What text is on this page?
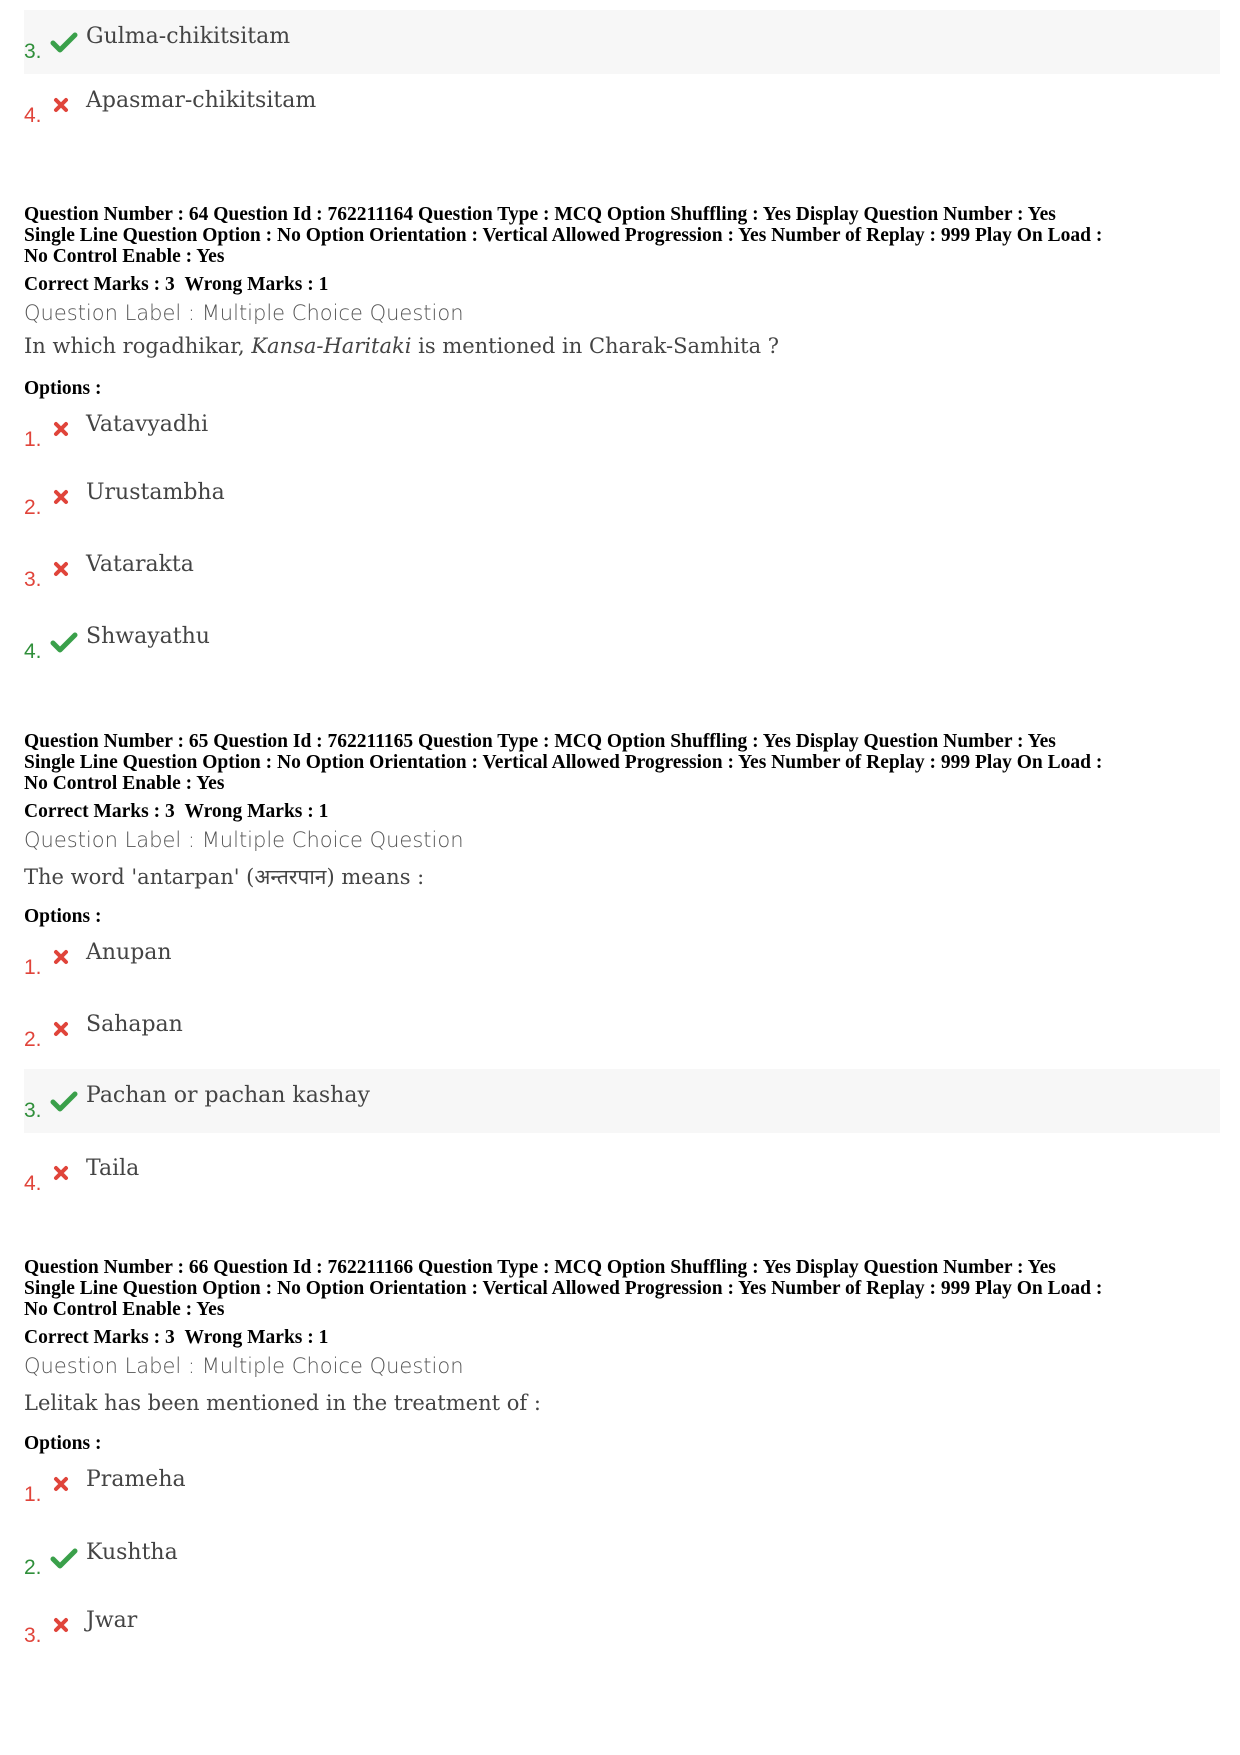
3.
Gulma-chikitsitam
4.
Apasmar-chikitsitam
Question Number : 64 Question Id : 762211164 Question Type : MCQ Option Shuffling : Yes Display Question Number : Yes
Single Line Question Option : No Option Orientation : Vertical Allowed Progression : Yes Number of Replay : 999 Play On Load :
No Control Enable : Yes
Correct Marks : 3 Wrong Marks : 1
Question Label : Multiple Choice Question
In which rogadhikar, Kansa-Haritaki is mentioned in Charak-Samhita ?
Options :
1.
Vatavyadhi
2.
Urustambha
3.
Vatarakta
4.
Shwayathu
Question Number : 65 Question Id : 762211165 Question Type : MCQ Option Shuffling : Yes Display Question Number : Yes
Single Line Question Option : No Option Orientation : Vertical Allowed Progression : Yes Number of Replay : 999 Play On Load :
No Control Enable : Yes
Correct Marks : 3 Wrong Marks : 1
Question Label : Multiple Choice Question
The word 'antarpan' (अन्तरपान) means :
Options :
1.
Anupan
2.
Sahapan
3.
Pachan or pachan kashay
4.
Taila
Question Number : 66 Question Id : 762211166 Question Type : MCQ Option Shuffling : Yes Display Question Number : Yes
Single Line Question Option : No Option Orientation : Vertical Allowed Progression : Yes Number of Replay : 999 Play On Load :
No Control Enable : Yes
Correct Marks : 3 Wrong Marks : 1
Question Label : Multiple Choice Question
Lelitak has been mentioned in the treatment of :
Options :
1.
Prameha
2.
Kushtha
3.
Jwar
